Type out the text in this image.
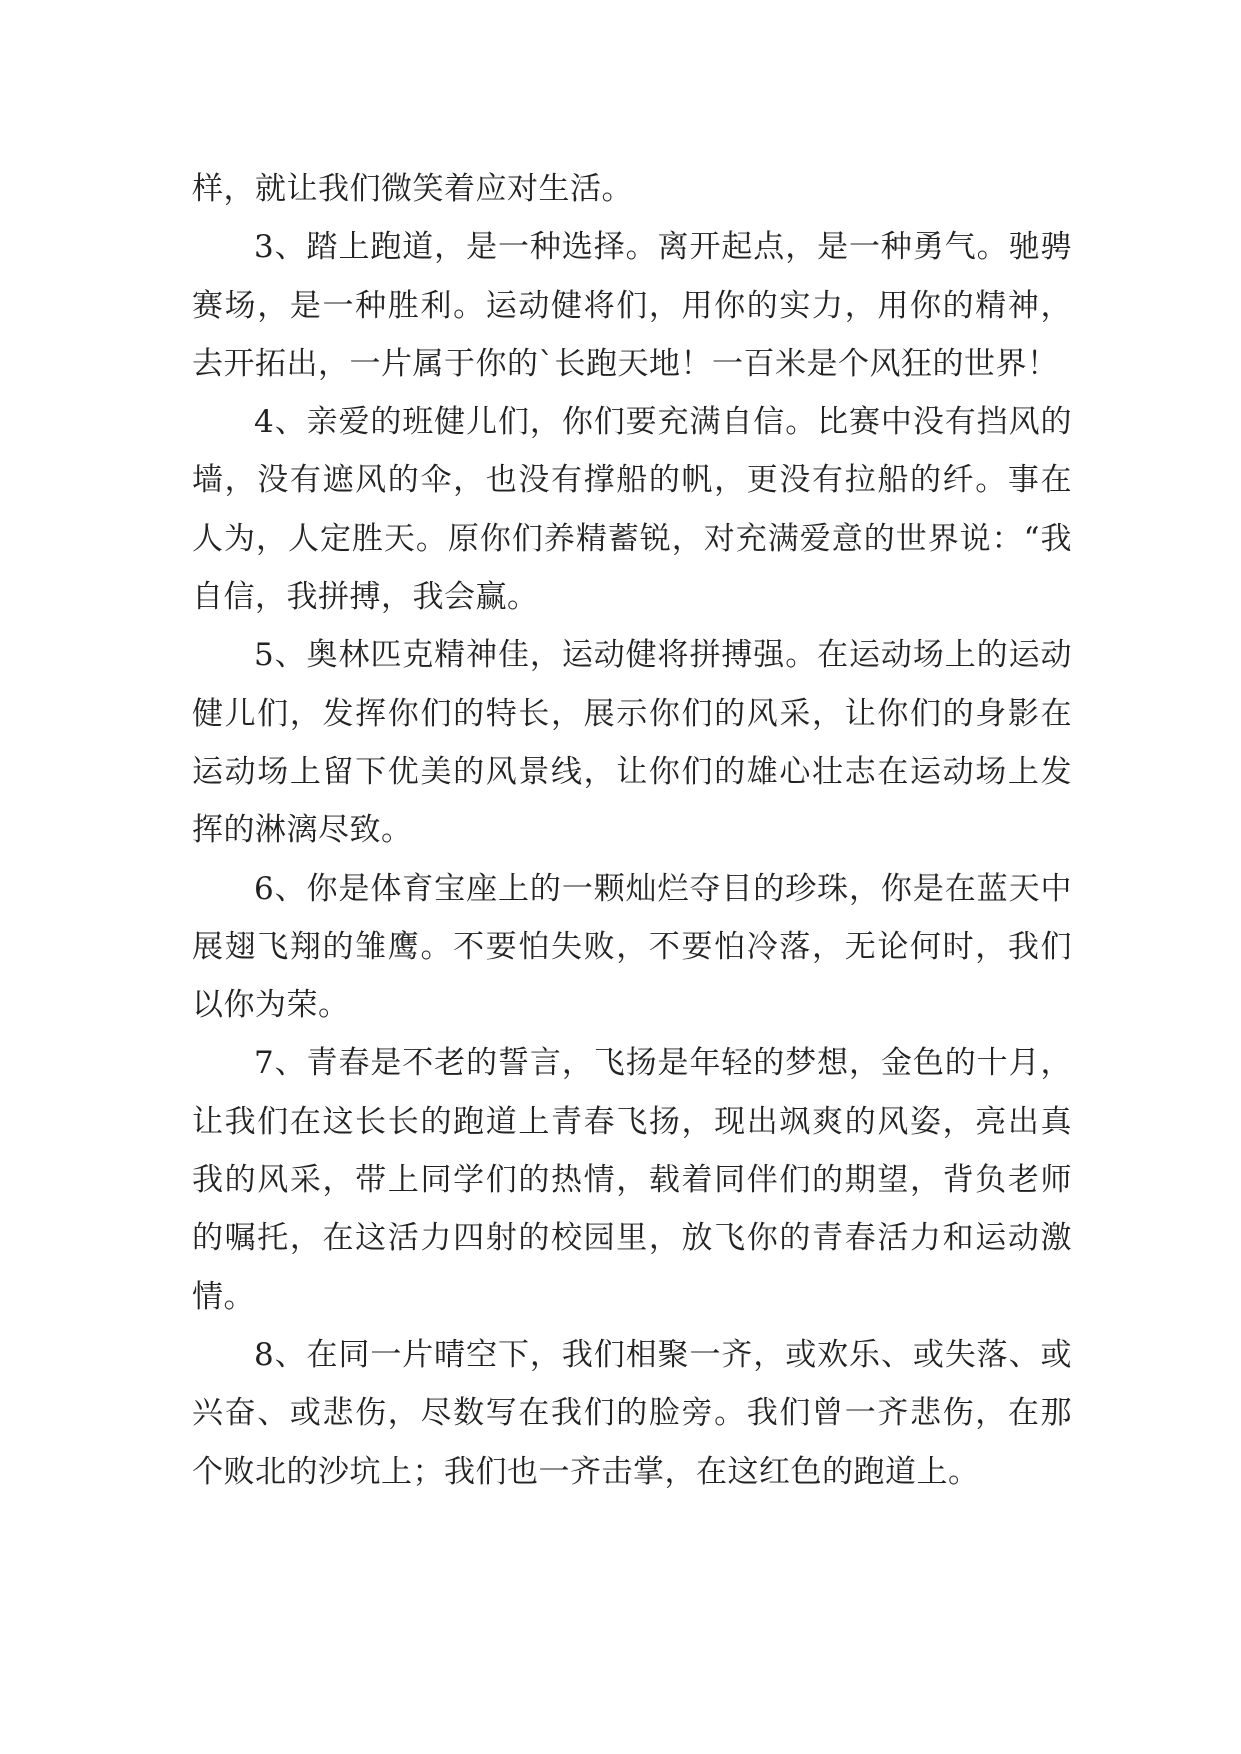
样，就让我们微笑着应对生活。

3、踏上跑道，是一种选择。离开起点，是一种勇气。驰骋赛场，是一种胜利。运动健将们，用你的实力，用你的精神，去开拓出，一片属于你的`长跑天地！一百米是个风狂的世界！

4、亲爱的班健儿们，你们要充满自信。比赛中没有挡风的墙，没有遮风的伞，也没有撑船的帆，更没有拉船的纤。事在人为，人定胜天。原你们养精蓄锐，对充满爱意的世界说：“我自信，我拼搏，我会赢。

5、奥林匹克精神佳，运动健将拼搏强。在运动场上的运动健儿们，发挥你们的特长，展示你们的风采，让你们的身影在运动场上留下优美的风景线，让你们的雄心壮志在运动场上发挥的淋漓尽致。

6、你是体育宝座上的一颗灿烂夺目的珍珠，你是在蓝天中展翅飞翔的雏鹰。不要怕失败，不要怕冷落，无论何时，我们以你为荣。

7、青春是不老的誓言，飞扬是年轻的梦想，金色的十月，让我们在这长长的跑道上青春飞扬，现出飒爽的风姿，亮出真我的风采，带上同学们的热情，载着同伴们的期望，背负老师的嘱托，在这活力四射的校园里，放飞你的青春活力和运动激情。

8、在同一片晴空下，我们相聚一齐，或欢乐、或失落、或兴奋、或悲伤，尽数写在我们的脸旁。我们曾一齐悲伤，在那个败北的沙坑上；我们也一齐击掌，在这红色的跑道上。
